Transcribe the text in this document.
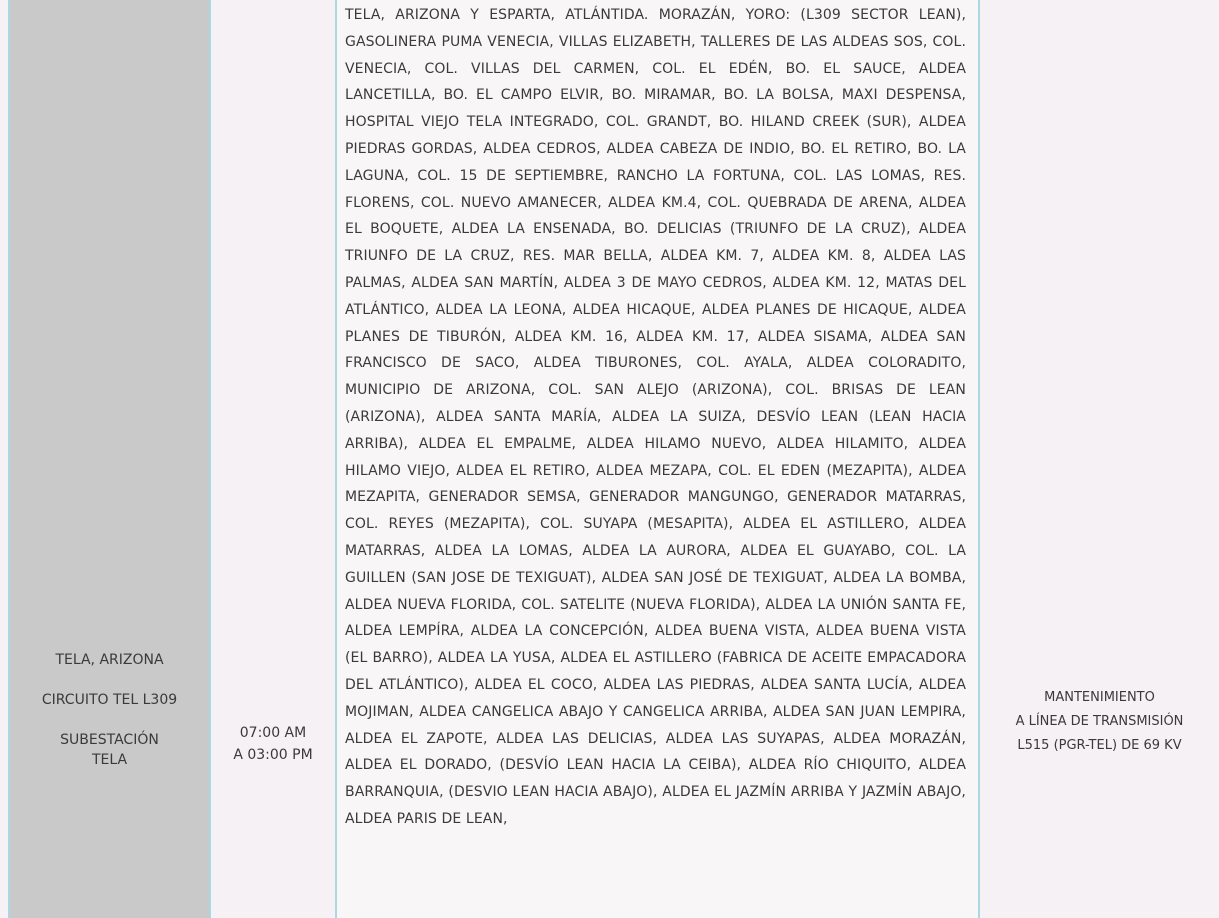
TELA, ARIZONA
CIRCUITO TEL L309
SUBESTACIÓN
TELA
07:00 AM
A 03:00 PM
TELA, ARIZONA Y ESPARTA, ATLÁNTIDA. MORAZÁN, YORO: (L309 SECTOR LEAN), GASOLINERA PUMA VENECIA, VILLAS ELIZABETH, TALLERES DE LAS ALDEAS SOS, COL. VENECIA, COL. VILLAS DEL CARMEN, COL. EL EDÉN, BO. EL SAUCE, ALDEA LANCETILLA, BO. EL CAMPO ELVIR, BO. MIRAMAR, BO. LA BOLSA, MAXI DESPENSA, HOSPITAL VIEJO TELA INTEGRADO, COL. GRANDT, BO. HILAND CREEK (SUR), ALDEA PIEDRAS GORDAS, ALDEA CEDROS, ALDEA CABEZA DE INDIO, BO. EL RETIRO, BO. LA LAGUNA, COL. 15 DE SEPTIEMBRE, RANCHO LA FORTUNA, COL. LAS LOMAS, RES. FLORENS, COL. NUEVO AMANECER, ALDEA KM.4, COL. QUEBRADA DE ARENA, ALDEA EL BOQUETE, ALDEA LA ENSENADA, BO. DELICIAS (TRIUNFO DE LA CRUZ), ALDEA TRIUNFO DE LA CRUZ, RES. MAR BELLA, ALDEA KM. 7, ALDEA KM. 8, ALDEA LAS PALMAS, ALDEA SAN MARTÍN, ALDEA 3 DE MAYO CEDROS, ALDEA KM. 12, MATAS DEL ATLÁNTICO, ALDEA LA LEONA, ALDEA HICAQUE, ALDEA PLANES DE HICAQUE, ALDEA PLANES DE TIBURÓN, ALDEA KM. 16, ALDEA KM. 17, ALDEA SISAMA, ALDEA SAN FRANCISCO DE SACO, ALDEA TIBURONES, COL. AYALA, ALDEA COLORADITO, MUNICIPIO DE ARIZONA, COL. SAN ALEJO (ARIZONA), COL. BRISAS DE LEAN (ARIZONA), ALDEA SANTA MARÍA, ALDEA LA SUIZA, DESVÍO LEAN (LEAN HACIA ARRIBA), ALDEA EL EMPALME, ALDEA HILAMO NUEVO, ALDEA HILAMITO, ALDEA HILAMO VIEJO, ALDEA EL RETIRO, ALDEA MEZAPA, COL. EL EDEN (MEZAPITA), ALDEA MEZAPITA, GENERADOR SEMSA, GENERADOR MANGUNGO, GENERADOR MATARRAS, COL. REYES (MEZAPITA), COL. SUYAPA (MESAPITA), ALDEA EL ASTILLERO, ALDEA MATARRAS, ALDEA LA LOMAS, ALDEA LA AURORA, ALDEA EL GUAYABO, COL. LA GUILLEN (SAN JOSE DE TEXIGUAT), ALDEA SAN JOSÉ DE TEXIGUAT, ALDEA LA BOMBA, ALDEA NUEVA FLORIDA, COL. SATELITE (NUEVA FLORIDA), ALDEA LA UNIÓN SANTA FE, ALDEA LEMPÍRA, ALDEA LA CONCEPCIÓN, ALDEA BUENA VISTA, ALDEA BUENA VISTA (EL BARRO), ALDEA LA YUSA, ALDEA EL ASTILLERO (FABRICA DE ACEITE EMPACADORA DEL ATLÁNTICO), ALDEA EL COCO, ALDEA LAS PIEDRAS, ALDEA SANTA LUCÍA, ALDEA MOJIMAN, ALDEA CANGELICA ABAJO Y CANGELICA ARRIBA, ALDEA SAN JUAN LEMPIRA, ALDEA EL ZAPOTE, ALDEA LAS DELICIAS, ALDEA LAS SUYAPAS, ALDEA MORAZÁN, ALDEA EL DORADO, (DESVÍO LEAN HACIA LA CEIBA), ALDEA RÍO CHIQUITO, ALDEA BARRANQUIA, (DESVIO LEAN HACIA ABAJO), ALDEA EL JAZMÍN ARRIBA Y JAZMÍN ABAJO, ALDEA PARIS DE LEAN,
MANTENIMIENTO
A LÍNEA DE TRANSMISIÓN
L515 (PGR-TEL) DE 69 KV
